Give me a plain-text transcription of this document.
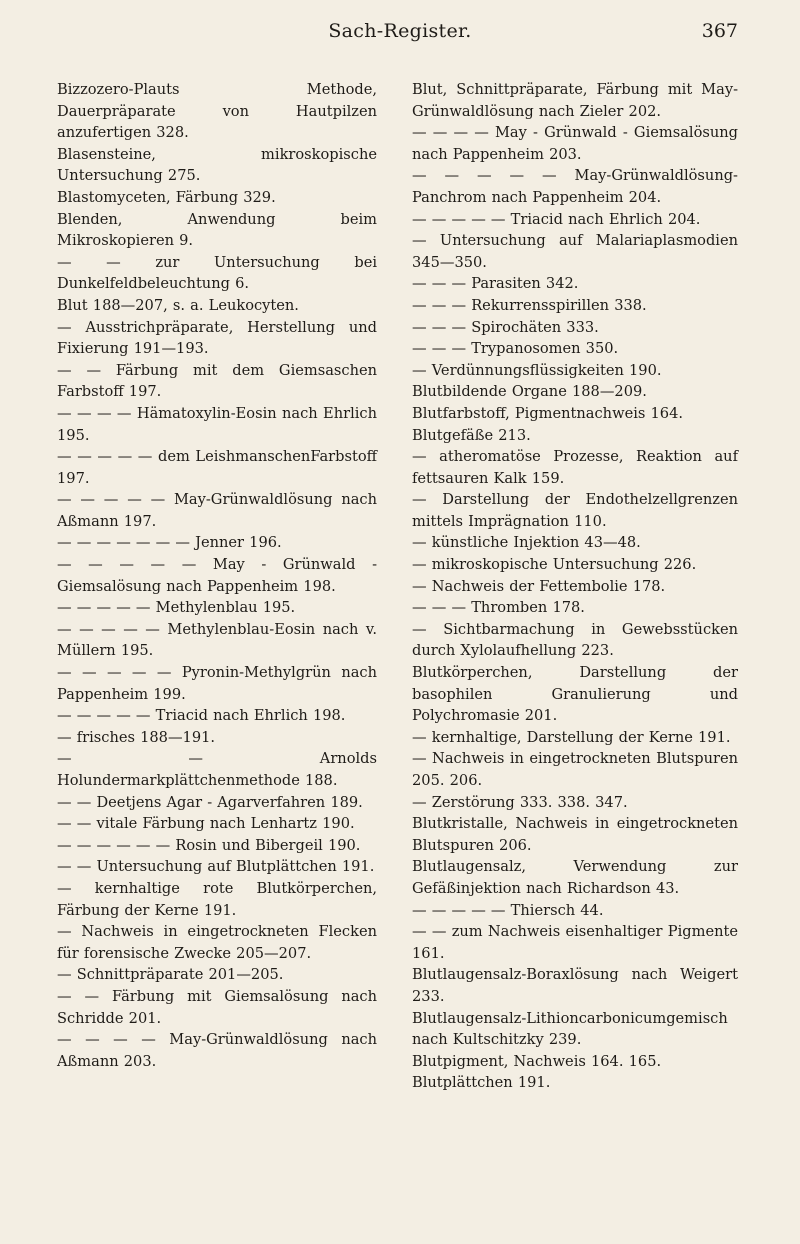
Sach-Register.	367

Bizzozero-Plauts Methode, Dauerpräparate von Hautpilzen anzufertigen 328.

Blasensteine, mikroskopische Untersuchung 275.

Blastomyceten, Färbung 329.

Blenden, Anwendung beim Mikroskopieren 9.

— — zur Untersuchung bei Dunkelfeldbeleuchtung 6.

Blut 188—207, s. a. Leukocyten.

— Ausstrichpräparate, Herstellung und Fixierung 191—193.

— — Färbung mit dem Giemsaschen Farbstoff 197.

— — — — Hämatoxylin-Eosin nach Ehrlich 195.

— — — — — dem LeishmanschenFarbstoff 197.

— — — — — May-Grünwaldlösung nach Aßmann 197.

— — — — — — — Jenner 196.

— — — — — May - Grünwald - Giemsalösung nach Pappenheim 198.

— — — — — Methylenblau 195.

— — — — — Methylenblau-Eosin nach v. Müllern 195.

— — — — — Pyronin-Methylgrün nach Pappenheim 199.

— — — — — Triacid nach Ehrlich 198.

— frisches 188—191.

— — Arnolds Holundermarkplättchenmethode 188.

— — Deetjens Agar - Agarverfahren 189.

— — vitale Färbung nach Lenhartz 190.

— — — — — — Rosin und Bibergeil 190.

— — Untersuchung auf Blutplättchen 191.

— kernhaltige rote Blutkörperchen, Färbung der Kerne 191.

— Nachweis in eingetrockneten Flecken für forensische Zwecke 205—207.

— Schnittpräparate 201—205.

— — Färbung mit Giemsalösung nach Schridde 201.

— — — — May-Grünwaldlösung nach Aßmann 203.

Blut, Schnittpräparate, Färbung mit May-Grünwaldlösung nach Zieler 202.

— — — — May - Grünwald - Giemsalösung nach Pappenheim 203.

— — — — — May-Grünwaldlösung-Panchrom nach Pappenheim 204.

— — — — — Triacid nach Ehrlich 204.

— Untersuchung auf Malariaplasmodien 345—350.

— — — Parasiten 342.

— — — Rekurrensspirillen 338.

— — — Spirochäten 333.

— — — Trypanosomen 350.

— Verdünnungsflüssigkeiten 190.

Blutbildende Organe 188—209.

Blutfarbstoff, Pigmentnachweis 164.

Blutgefäße 213.

— atheromatöse Prozesse, Reaktion auf fettsauren Kalk 159.

— Darstellung der Endothelzellgrenzen mittels Imprägnation 110.

— künstliche Injektion 43—48.

— mikroskopische Untersuchung 226.

— Nachweis der Fettembolie 178.

— — — Thromben 178.

— Sichtbarmachung in Gewebsstücken durch Xylolaufhellung 223.

Blutkörperchen, Darstellung der basophilen Granulierung und Polychromasie 201.

— kernhaltige, Darstellung der Kerne 191.

— Nachweis in eingetrockneten Blutspuren 205. 206.

— Zerstörung 333. 338. 347.

Blutkristalle, Nachweis in eingetrockneten Blutspuren 206.

Blutlaugensalz, Verwendung zur Gefäßinjektion nach Richardson 43.

— — — — — Thiersch 44.

— — zum Nachweis eisenhaltiger Pigmente 161.

Blutlaugensalz-Boraxlösung nach Weigert 233.

Blutlaugensalz-Lithioncarbonicumgemisch nach Kultschitzky 239.

Blutpigment, Nachweis 164. 165.

Blutplättchen 191.
